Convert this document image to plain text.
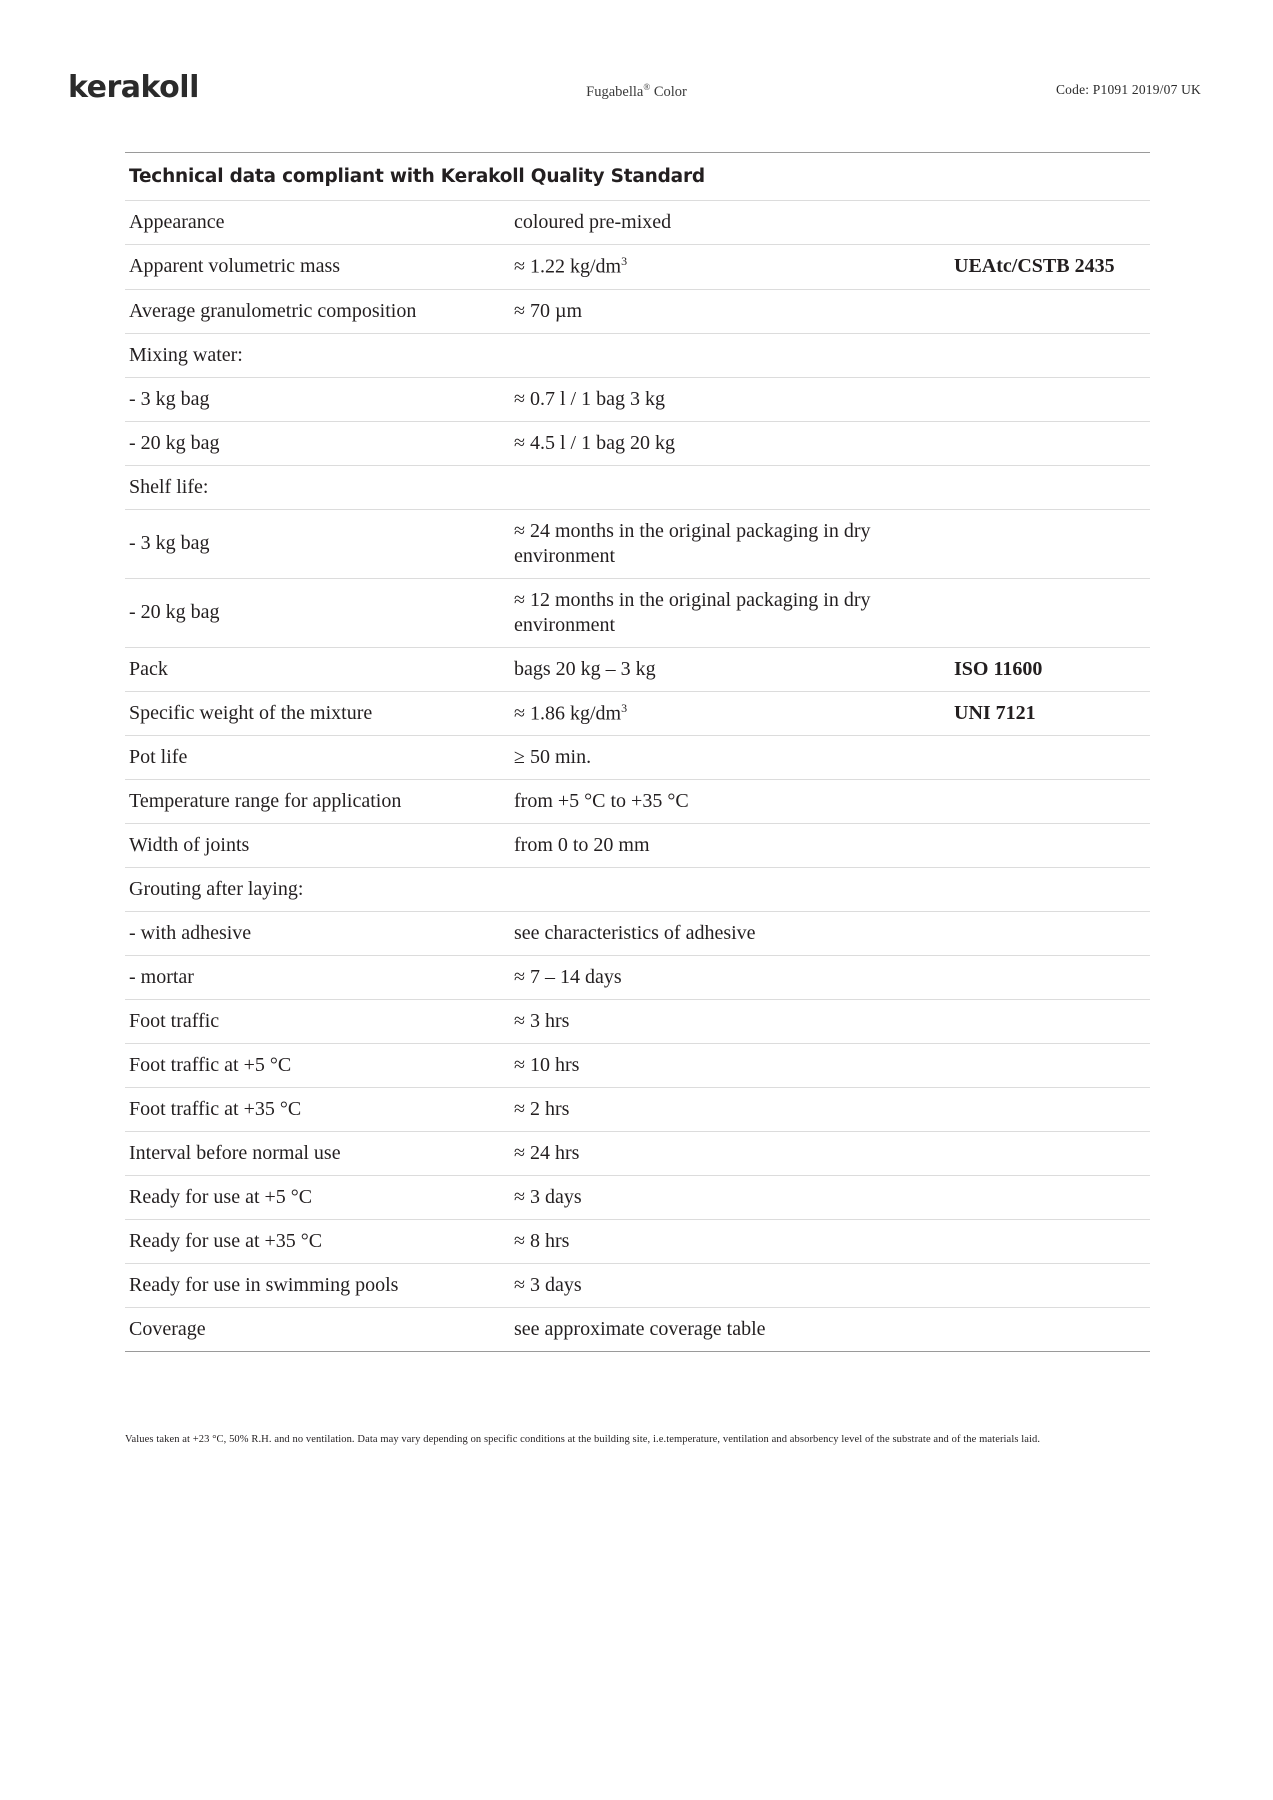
kerakoll	Fugabella® Color	Code: P1091 2019/07 UK
Technical data compliant with Kerakoll Quality Standard		
Appearance	coloured pre-mixed	
Apparent volumetric mass	≈ 1.22 $kg/dm^3$	UEAtc/CSTB 2435
Average granulometric composition	≈ 70 µm	
Mixing water:		
- 3 kg bag	≈ 0.7 l / 1 bag 3 kg	
- 20 kg bag	≈ 4.5 l / 1 bag 20 kg	
Shelf life:		
- 3 kg bag	≈ 24 months in the original packaging in dry environment	
- 20 kg bag	≈ 12 months in the original packaging in dry environment	
Pack	bags 20 kg – 3 kg	ISO 11600
Specific weight of the mixture	≈ 1.86 $kg/dm^3$	UNI 7121
Pot life	≥ 50 min.	
Temperature range for application	from +5 °C to +35 °C	
Width of joints	from 0 to 20 mm	
Grouting after laying:		
- with adhesive	see characteristics of adhesive	
- mortar	≈ 7 – 14 days	
Foot traffic	≈ 3 hrs	
Foot traffic at +5 °C	≈ 10 hrs	
Foot traffic at +35 °C	≈ 2 hrs	
Interval before normal use	≈ 24 hrs	
Ready for use at +5 °C	≈ 3 days	
Ready for use at +35 °C	≈ 8 hrs	
Ready for use in swimming pools	≈ 3 days	
Coverage	see approximate coverage table	
Values taken at +23 °C, 50% R.H. and no ventilation. Data may vary depending on specific conditions at the building site, i.e.temperature, ventilation and absorbency level of the substrate and of the materials laid.
